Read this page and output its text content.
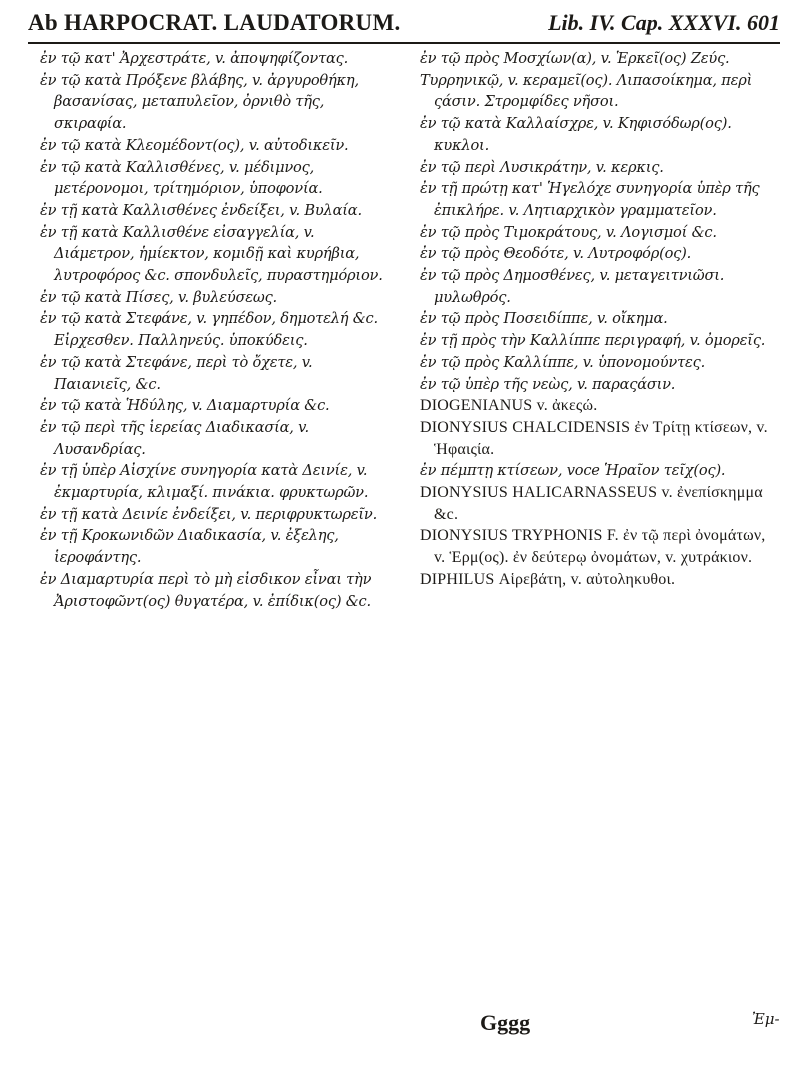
Ab HARPOCRAT. LAUDATORUM.	Lib. IV. Cap. XXXVI. 601

ἐν τῷ κατ' Ἀρχεστράτε, v. ἀποψηφίζοντας.

ἐν τῷ κατὰ Πρόξενε βλάβης, v. ἀργυροθήκη, βασανίσας, μεταπυλεῖον, ὀρνιθὸ τῆς, σκιραφία.

ἐν τῷ κατὰ Κλεομέδοντ(ος), v. αὐτοδικεῖν.

ἐν τῷ κατὰ Καλλισθένες, v. μέδιμνος, μετέρονομοι, τρίτημόριον, ὑποφονία.

ἐν τῇ κατὰ Καλλισθένες ἐνδείξει, v. Βυλαία.

ἐν τῇ κατὰ Καλλισθένε εἰσαγγελία, v. Διάμετρον, ἡμίεκτον, κομιδῇ καὶ κυρήβια, λυτροφόρος &c. σπονδυλεῖς, πυραστημόριον.

ἐν τῷ κατὰ Πίσες, v. βυλεύσεως.

ἐν τῷ κατὰ Στεφάνε, v. γηπέδον, δημοτελή &c. Εἰρχεσθεν. Παλληνεύς. ὑποκύδεις.

ἐν τῷ κατὰ Στεφάνε, περὶ τὸ ὄχετε, v. Παιανιεῖς, &c.

ἐν τῷ κατὰ Ἡδύλης, v. Διαμαρτυρία &c.

ἐν τῷ περὶ τῆς ἱερείας Διαδικασία, v. Λυσανδρίας.

ἐν τῇ ὑπὲρ Αἰσχίνε συνηγορία κατὰ Δεινίε, v. ἐκμαρτυρία, κλιμαξί. πινάκια. φρυκτωρῶν.

ἐν τῇ κατὰ Δεινίε ἐνδείξει, v. περιφρυκτωρεῖν.

ἐν τῇ Κροκωνιδῶν Διαδικασία, v. ἐξελης, ἱεροφάντης.

ἐν Διαμαρτυρία περὶ τὸ μὴ εἰσδικον εἶναι τὴν Ἀριστοφῶντ(ος) θυγατέρα, v. ἐπίδικ(ος) &c.

ἐν τῷ πρὸς Μοσχίων(α), v. Ἑρκεῖ(ος) Ζεύς.

Τυρρηνικῷ, v. κεραμεῖ(ος). Λιπασοίκημα, περὶ ςάσιν. Στρομφίδες νῆσοι.

ἐν τῷ κατὰ Καλλαίσχρε, v. Κηφισόδωρ(ος). κυκλοι.

ἐν τῷ περὶ Λυσικράτην, v. κερκις.

ἐν τῇ πρώτῃ κατ' Ἡγελόχε συνηγορία ὑπὲρ τῆς ἐπικλήρε. v. Λητιαρχικὸν γραμματεῖον.

ἐν τῷ πρὸς Τιμοκράτους, v. Λογισμοί &c.

ἐν τῷ πρὸς Θεοδότε, v. Λυτροφόρ(ος).

ἐν τῷ πρὸς Δημοσθένες, v. μεταγειτνιῶσι. μυλωθρός.

ἐν τῷ πρὸς Ποσειδίππε, v. οἴκημα.

ἐν τῇ πρὸς τὴν Καλλίππε περιγραφή, v. ὀμορεῖς.

ἐν τῷ πρὸς Καλλίππε, v. ὑπονομούντες.

ἐν τῷ ὑπὲρ τῆς νεὼς, v. παραςάσιν.

DIOGENIANUS v. ἀκεςώ.

DIONYSIUS CHALCIDENSIS ἐν Τρίτῃ κτίσεων, v. Ἡφαιςία.

ἐν πέμπτῃ κτίσεων, voce Ἡραῖον τεῖχ(ος).

DIONYSIUS HALICARNASSEUS v. ἐνεπίσκημμα &c.

DIONYSIUS TRYPHONIS F. ἐν τῷ περὶ ὀνομάτων, v. Ἑρμ(ος). ἐν δεύτερῳ ὀνομάτων, v. χυτράκιον.

DIPHILUS Αἱρεβάτη, v. αὐτοληκυθοι.

Gggg	Ἐμ-
